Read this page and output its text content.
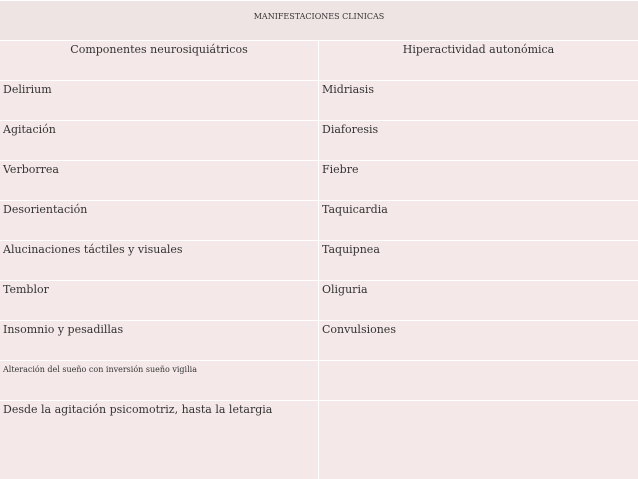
MANIFESTACIONES CLINICAS
Componentes neurosiquiátricos	Hiperactividad autonómica
Delirium	Midriasis
Agitación	Diaforesis
Verborrea	Fiebre
Desorientación	Taquicardia
Alucinaciones táctiles y visuales	Taquipnea
Temblor	Oliguria
Insomnio y pesadillas	Convulsiones
Alteración del sueño con inversión sueño vigilia
Desde la agitación psicomotriz, hasta la letargia
